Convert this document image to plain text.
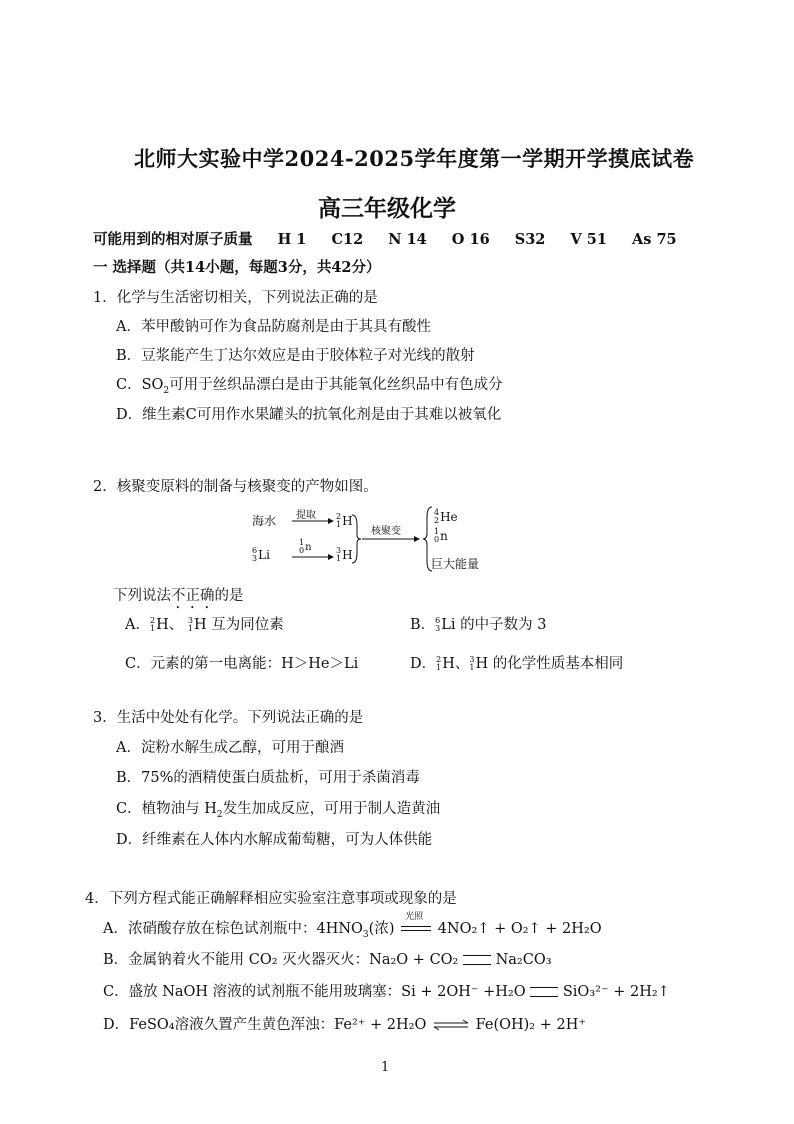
北师大实验中学2024-2025学年度第一学期开学摸底试卷
高三年级化学
可能用到的相对原子质量 H 1 C12 N 14 O 16 S32 V 51 As 75
一 选择题（共14小题，每题3分，共42分）
1．化学与生活密切相关，下列说法正确的是
A．苯甲酸钠可作为食品防腐剂是由于其具有酸性
B．豆浆能产生丁达尔效应是由于胶体粒子对光线的散射
C．$SO_2$可用于丝织品漂白是由于其能氧化丝织品中有色成分
D．维生素C可用作水果罐头的抗氧化剂是由于其难以被氧化
2．核聚变原料的制备与核聚变的产物如图。
海水 提取	2
1 H
6
3 Li
1
0 n	3
1 H
核聚变
4
2 He
1
0 n
巨大能量
下列说法不正确的是
A． 2
1 H、 3
1 H 互为同位素	B． 6
3 Li 的中子数为 3
C．元素的第一电离能：H＞He＞Li	D． 2
1 H、 3
1 H 的化学性质基本相同
3．生活中处处有化学。下列说法正确的是
A．淀粉水解生成乙醇，可用于酿酒
B．75%的酒精使蛋白质盐析，可用于杀菌消毒
C．植物油与 $H_2$发生加成反应，可用于制人造黄油
D．纤维素在人体内水解成葡萄糖，可为人体供能
4．下列方程式能正确解释相应实验室注意事项或现象的是
A．浓硝酸存放在棕色试剂瓶中：$4HNO_3$(浓)
光照
4NO₂↑ + O₂↑ + 2H₂O
B．金属钠着火不能用 CO₂ 灭火器灭火：Na₂O + CO₂	Na₂CO₃
C．盛放 NaOH 溶液的试剂瓶不能用玻璃塞：Si + 2OH⁻ +H₂O	SiO₃²⁻ + 2H₂↑
D．FeSO₄溶液久置产生黄色浑浊：Fe²⁺ + 2H₂O ⇌ Fe(OH)₂ + 2H⁺
1
